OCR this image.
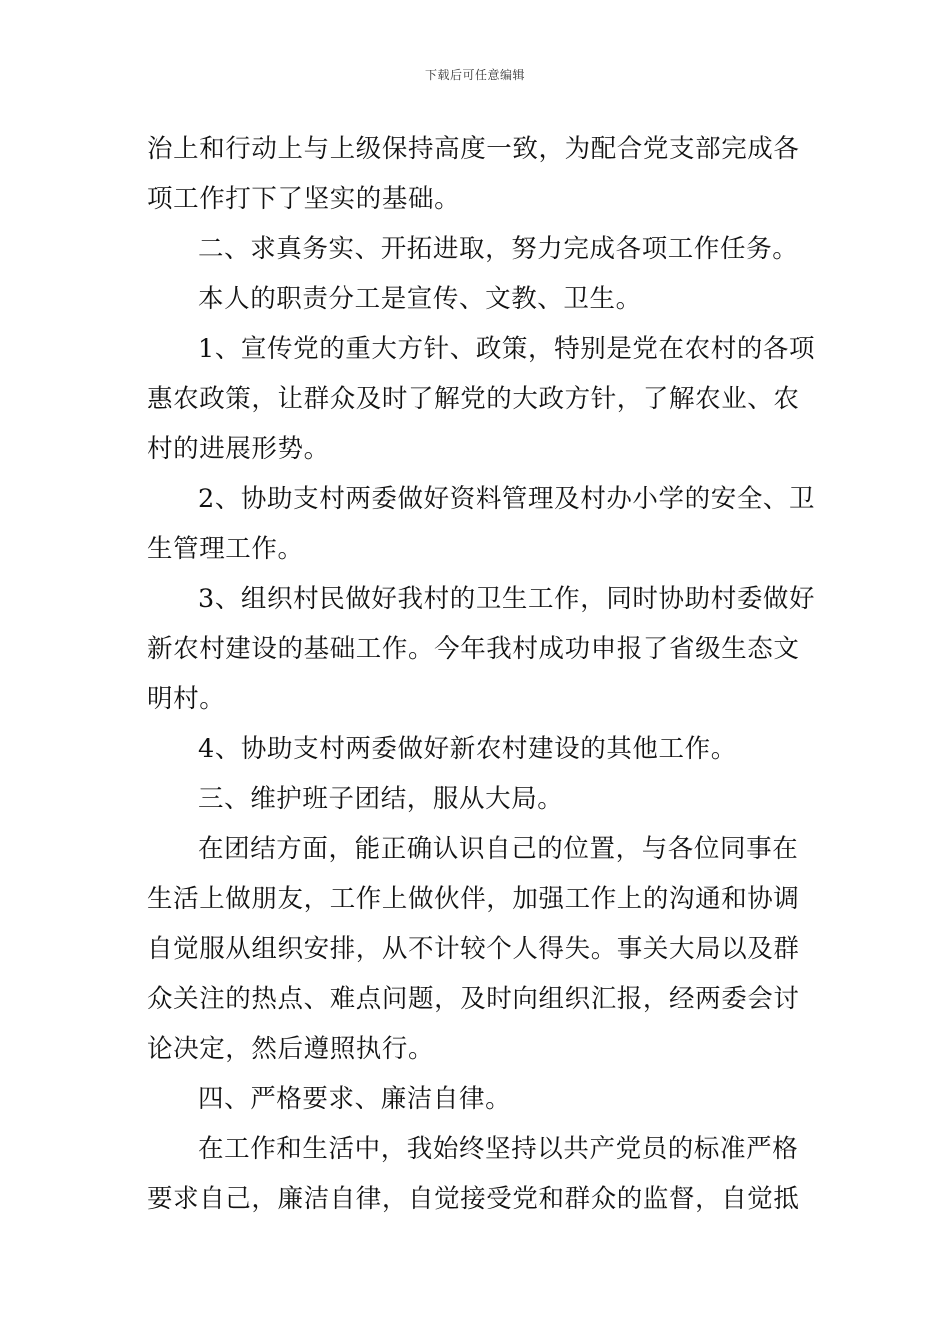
下载后可任意编辑
治上和行动上与上级保持高度一致，为配合党支部完成各
项工作打下了坚实的基础。
二、求真务实、开拓进取，努力完成各项工作任务。
本人的职责分工是宣传、文教、卫生。
1、宣传党的重大方针、政策，特别是党在农村的各项
惠农政策，让群众及时了解党的大政方针，了解农业、农
村的进展形势。
2、协助支村两委做好资料管理及村办小学的安全、卫
生管理工作。
3、组织村民做好我村的卫生工作，同时协助村委做好
新农村建设的基础工作。今年我村成功申报了省级生态文
明村。
4、协助支村两委做好新农村建设的其他工作。
三、维护班子团结，服从大局。
在团结方面，能正确认识自己的位置，与各位同事在
生活上做朋友，工作上做伙伴，加强工作上的沟通和协调
自觉服从组织安排，从不计较个人得失。事关大局以及群
众关注的热点、难点问题，及时向组织汇报，经两委会讨
论决定，然后遵照执行。
四、严格要求、廉洁自律。
在工作和生活中，我始终坚持以共产党员的标准严格
要求自己，廉洁自律，自觉接受党和群众的监督，自觉抵
